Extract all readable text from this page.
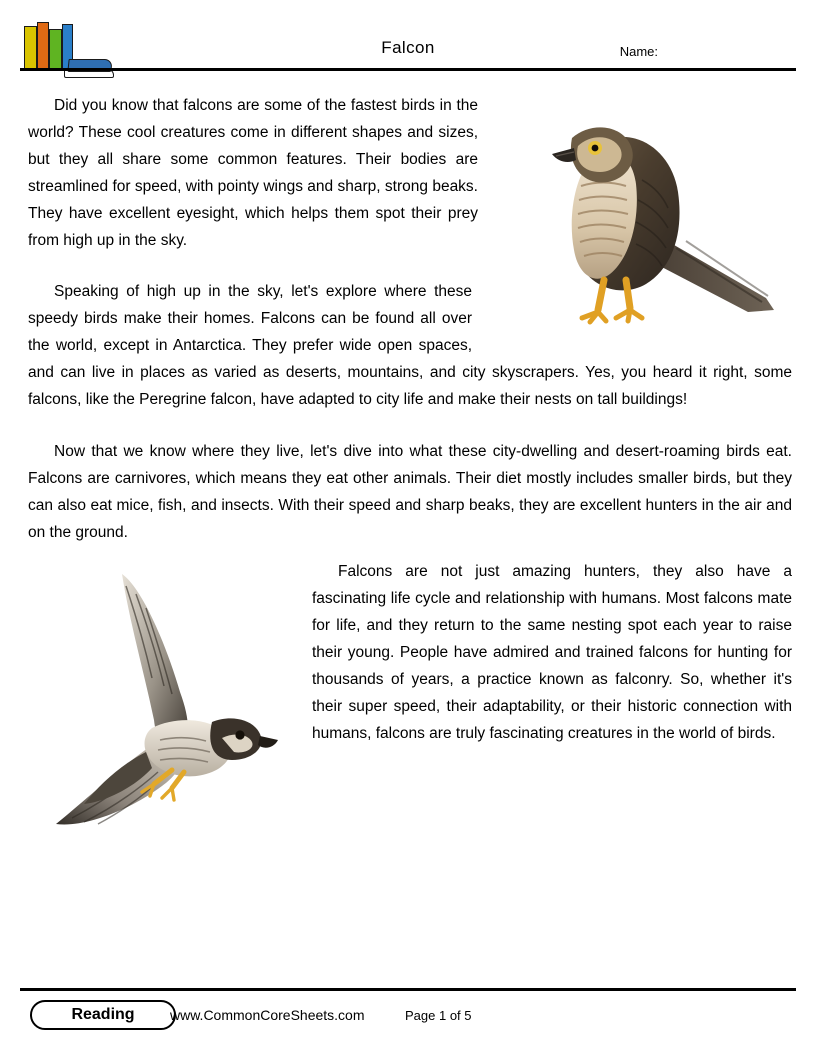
Falcon	Name:

Did you know that falcons are some of the fastest birds in the world? These cool creatures come in different shapes and sizes, but they all share some common features. Their bodies are streamlined for speed, with pointy wings and sharp, strong beaks. They have excellent eyesight, which helps them spot their prey from high up in the sky.

Speaking of high up in the sky, let's explore where these speedy birds make their homes. Falcons can be found all over the world, except in Antarctica. They prefer wide open spaces, and can live in places as varied as deserts, mountains, and city skyscrapers. Yes, you heard it right, some falcons, like the Peregrine falcon, have adapted to city life and make their nests on tall buildings!

Now that we know where they live, let's dive into what these city-dwelling and desert-roaming birds eat. Falcons are carnivores, which means they eat other animals. Their diet mostly includes smaller birds, but they can also eat mice, fish, and insects. With their speed and sharp beaks, they are excellent hunters in the air and on the ground.

Falcons are not just amazing hunters, they also have a fascinating life cycle and relationship with humans. Most falcons mate for life, and they return to the same nesting spot each year to raise their young. People have admired and trained falcons for hunting for thousands of years, a practice known as falconry. So, whether it's their super speed, their adaptability, or their historic connection with humans, falcons are truly fascinating creatures in the world of birds.

Reading	www.CommonCoreSheets.com	Page 1 of 5
